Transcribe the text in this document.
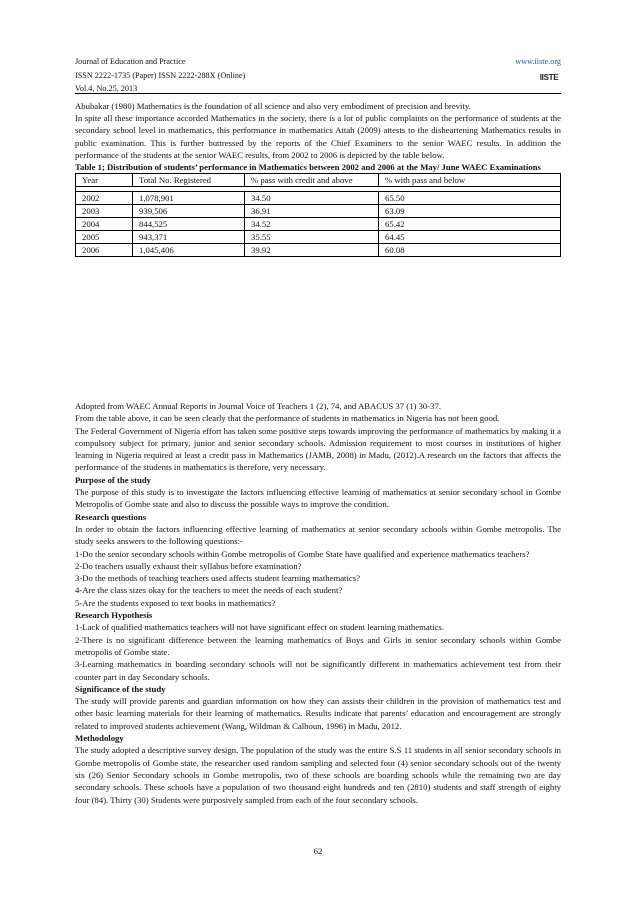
Journal of Education and Practice
ISSN 2222-1735 (Paper) ISSN 2222-288X (Online)
Vol.4, No.25, 2013
www.iiste.org
IISTE

Abubakar (1980) Mathematics is the foundation of all science and also very embodiment of precision and brevity.

In spite all these importance accorded Mathematics in the society, there is a lot of public complaints on the performance of students at the secondary school level in mathematics, this performance in mathematics Attah (2009) attests to the disheartening Mathematics results in public examination. This is further buttressed by the reports of the Chief Examiners to the senior WAEC results. In addition the performance of the students at the senior WAEC results, from 2002 to 2006 is depicted by the table below.

Table 1; Distribution of students’ performance in Mathematics between 2002 and 2006 at the May/ June WAEC Examinations

Year	Total No. Registered	% pass with credit and above	% with pass and below

2002	1,078,901	34.50	65.50
2003	939,506	36.91	63.09
2004	844,525	34.52	65.42
2005	943,371	35.55	64.45
2006	1,045,406	39.92	60.08

Adopted from WAEC Annual Reports in Journal Voice of Teachers 1 (2), 74, and ABACUS 37 (1) 30-37.

From the table above, it can be seen clearly that the performance of students in mathematics in Nigeria has not been good.

The Federal Government of Nigeria effort has taken some positive steps towards improving the performance of mathematics by making it a compulsory subject for primary, junior and senior secondary schools. Admission requirement to most courses in institutions of higher learning in Nigeria required at least a credit pass in Mathematics (JAMB, 2008) in Madu, (2012).A research on the factors that affects the performance of the students in mathematics is therefore, very necessary.

Purpose of the study

The purpose of this study is to investigate the factors influencing effective learning of mathematics at senior secondary school in Gombe Metropolis of Gombe state and also to discuss the possible ways to improve the condition.

Research questions

In order to obtain the factors influencing effective learning of mathematics at senior secondary schools within Gombe metropolis. The study seeks answers to the following questions:-

1-Do the senior secondary schools within Gombe metropolis of Gombe State have qualified and experience mathematics teachers?

2-Do teachers usually exhaust their syllabus before examination?

3-Do the methods of teaching teachers used affects student learning mathematics?

4-Are the class sizes okay for the teachers to meet the needs of each student?

5-Are the students exposed to text books in mathematics?

Research Hypothesis

1-Lack of qualified mathematics teachers will not have significant effect on student learning mathematics.

2-There is no significant difference between the learning mathematics of Boys and Girls in senior secondary schools within Gombe metropolis of Gombe state.

3-Learning mathematics in boarding secondary schools will not be significantly different in mathematics achievement test from their counter part in day Secondary schools.

Significance of the study

The study will provide parents and guardian information on how they can assists their children in the provision of mathematics test and other basic learning materials for their learning of mathematics. Results indicate that parents’ education and encouragement are strongly related to improved students achievement (Wang, Wildman & Calhoun, 1996) in Madu, 2012.

Methodology

The study adopted a descriptive survey design. The population of the study was the entire S.S 11 students in all senior secondary schools in Gombe metropolis of Gombe state, the researcher used random sampling and selected four (4) senior secondary schools out of the twenty six (26) Senior Secondary schools in Gombe metropolis, two of these schools are boarding schools while the remaining two are day secondary schools. These schools have a population of two thousand eight hundreds and ten (2810) students and staff strength of eighty four (84). Thirty (30) Students were purposively sampled from each of the four secondary schools.

62
